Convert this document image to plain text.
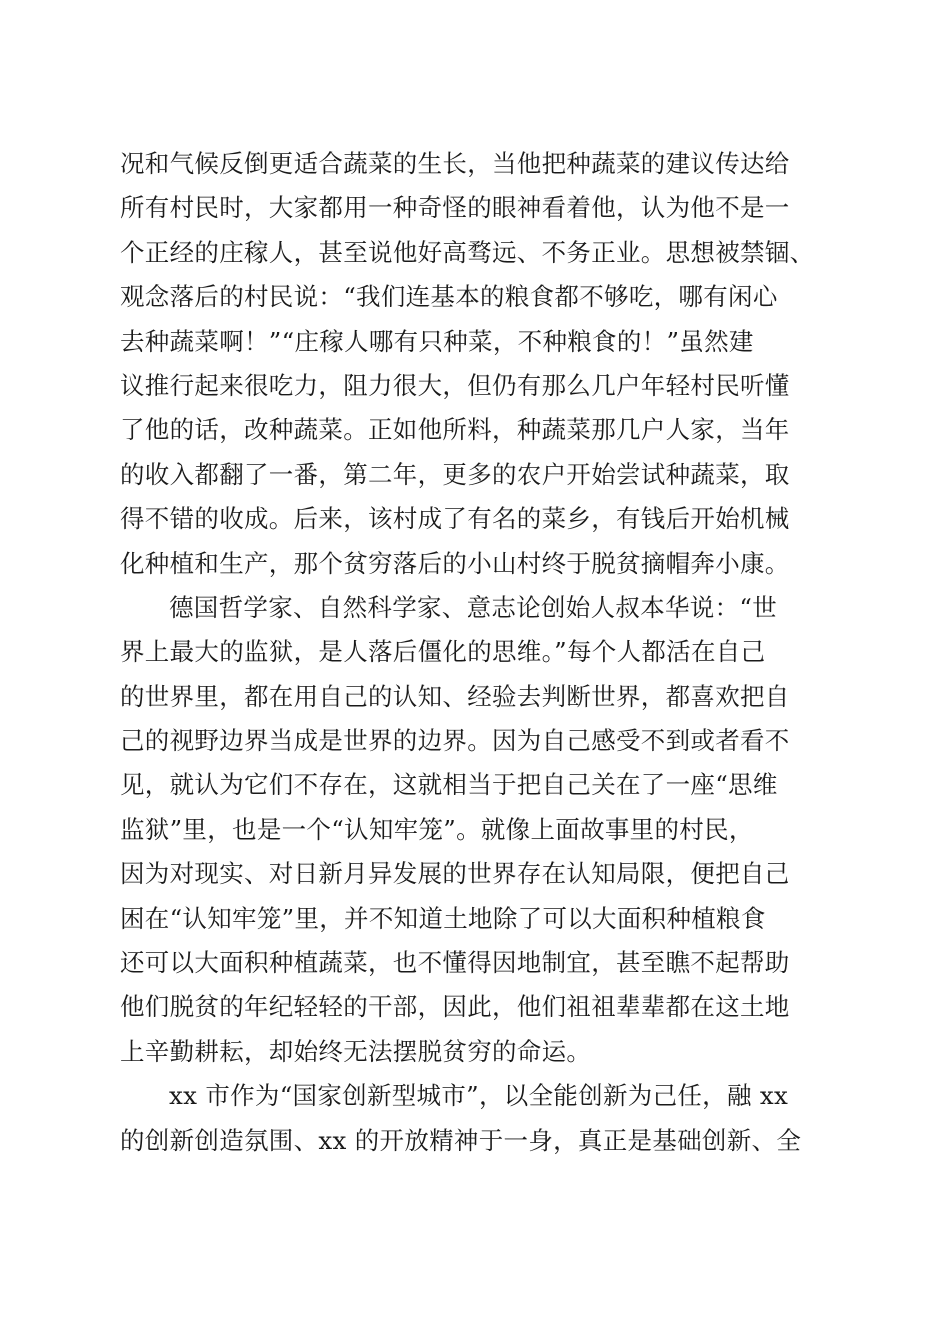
况和气候反倒更适合蔬菜的生长，当他把种蔬菜的建议传达给
所有村民时，大家都用一种奇怪的眼神看着他，认为他不是一
个正经的庄稼人，甚至说他好高骛远、不务正业。思想被禁锢、
观念落后的村民说：“我们连基本的粮食都不够吃，哪有闲心
去种蔬菜啊！”“庄稼人哪有只种菜，不种粮食的！”虽然建
议推行起来很吃力，阻力很大，但仍有那么几户年轻村民听懂
了他的话，改种蔬菜。正如他所料，种蔬菜那几户人家，当年
的收入都翻了一番，第二年，更多的农户开始尝试种蔬菜，取
得不错的收成。后来，该村成了有名的菜乡，有钱后开始机械
化种植和生产，那个贫穷落后的小山村终于脱贫摘帽奔小康。
德国哲学家、自然科学家、意志论创始人叔本华说：“世
界上最大的监狱，是人落后僵化的思维。”每个人都活在自己
的世界里，都在用自己的认知、经验去判断世界，都喜欢把自
己的视野边界当成是世界的边界。因为自己感受不到或者看不
见，就认为它们不存在，这就相当于把自己关在了一座“思维
监狱”里，也是一个“认知牢笼”。就像上面故事里的村民，
因为对现实、对日新月异发展的世界存在认知局限，便把自己
困在“认知牢笼”里，并不知道土地除了可以大面积种植粮食
还可以大面积种植蔬菜，也不懂得因地制宜，甚至瞧不起帮助
他们脱贫的年纪轻轻的干部，因此，他们祖祖辈辈都在这土地
上辛勤耕耘，却始终无法摆脱贫穷的命运。
xx 市作为“国家创新型城市”，以全能创新为己任，融 xx
的创新创造氛围、xx 的开放精神于一身，真正是基础创新、全
